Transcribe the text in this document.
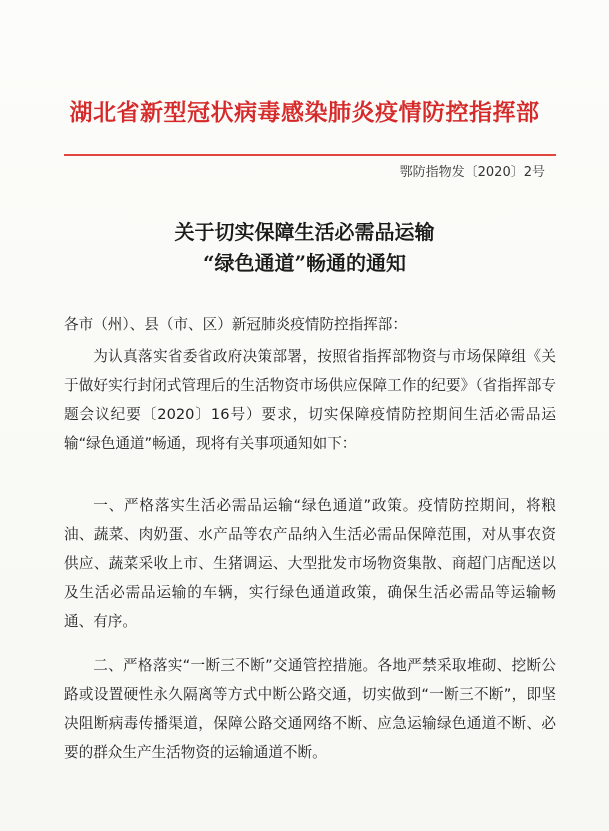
湖北省新型冠状病毒感染肺炎疫情防控指挥部
鄂防指物发〔2020〕2号
关于切实保障生活必需品运输
“绿色通道”畅通的通知
各市（州）、县（市、区）新冠肺炎疫情防控指挥部：

为认真落实省委省政府决策部署，按照省指挥部物资与市场保障组《关于做好实行封闭式管理后的生活物资市场供应保障工作的纪要》（省指挥部专题会议纪要〔2020〕16号）要求，切实保障疫情防控期间生活必需品运输“绿色通道”畅通，现将有关事项通知如下：

一、严格落实生活必需品运输“绿色通道”政策。疫情防控期间，将粮油、蔬菜、肉奶蛋、水产品等农产品纳入生活必需品保障范围，对从事农资供应、蔬菜采收上市、生猪调运、大型批发市场物资集散、商超门店配送以及生活必需品运输的车辆，实行绿色通道政策，确保生活必需品等运输畅通、有序。

二、严格落实“一断三不断”交通管控措施。各地严禁采取堆砌、挖断公路或设置硬性永久隔离等方式中断公路交通，切实做到“一断三不断”，即坚决阻断病毒传播渠道，保障公路交通网络不断、应急运输绿色通道不断、必要的群众生产生活物资的运输通道不断。
